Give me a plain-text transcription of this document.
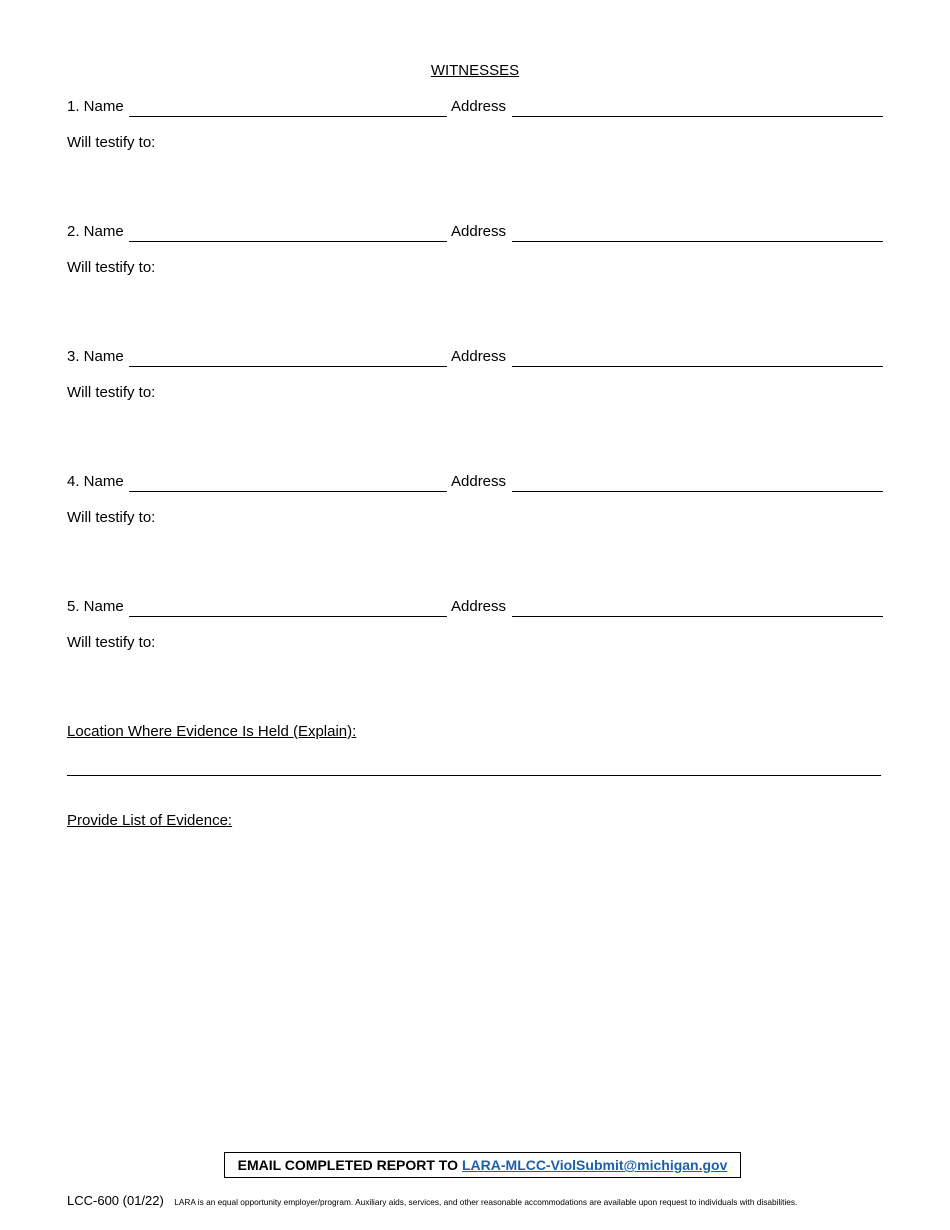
WITNESSES
1. Name	Address
Will testify to:
2. Name	Address
Will testify to:
3. Name	Address
Will testify to:
4. Name	Address
Will testify to:
5. Name	Address
Will testify to:
Location Where Evidence Is Held (Explain):
Provide List of Evidence:
EMAIL COMPLETED REPORT TO LARA-MLCC-ViolSubmit@michigan.gov
LCC-600 (01/22) LARA is an equal opportunity employer/program. Auxiliary aids, services, and other reasonable accommodations are available upon request to individuals with disabilities.
